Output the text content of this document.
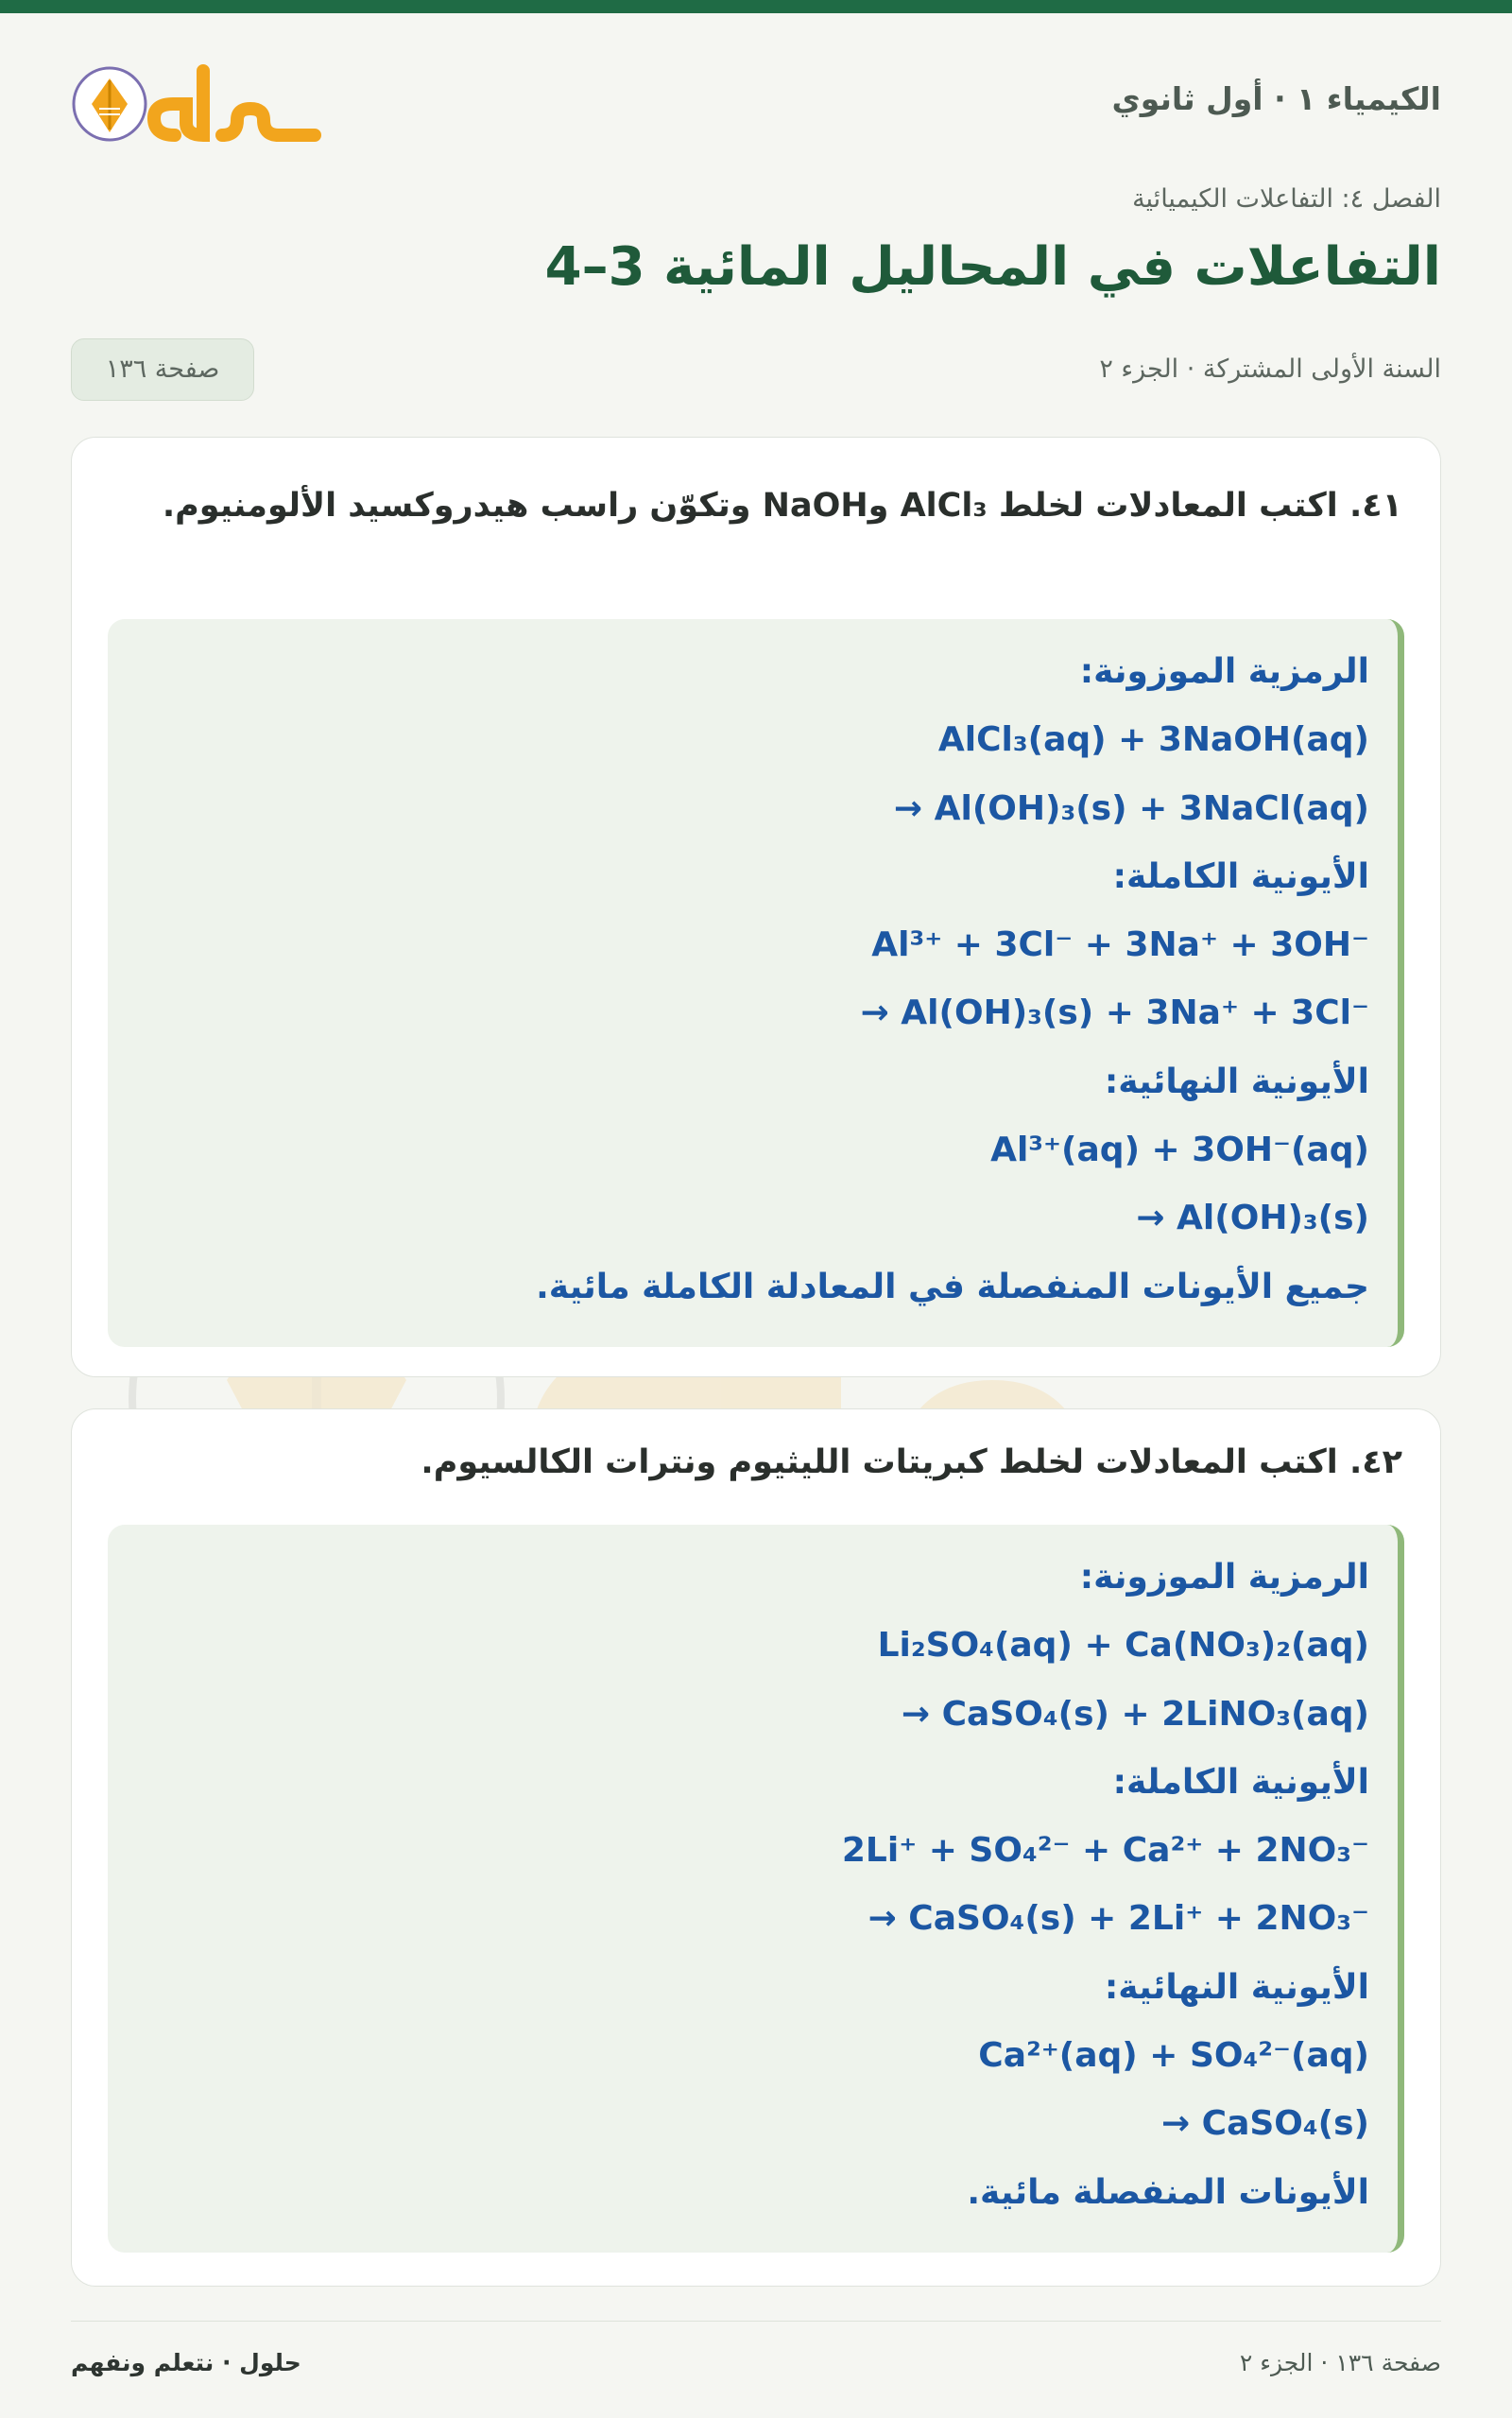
الكيمياء ١ · أول ثانوي
الفصل ٤: التفاعلات الكيميائية
التفاعلات في المحاليل المائية 3–4
السنة الأولى المشتركة · الجزء ٢
صفحة ١٣٦
٤١. اكتب المعادلات لخلط AlCl₃ وNaOH وتكوّن راسب هيدروكسيد الألومنيوم.
الرمزية الموزونة:
AlCl₃(aq) + 3NaOH(aq)
→ Al(OH)₃(s) + 3NaCl(aq)
الأيونية الكاملة:
Al³⁺ + 3Cl⁻ + 3Na⁺ + 3OH⁻
→ Al(OH)₃(s) + 3Na⁺ + 3Cl⁻
الأيونية النهائية:
Al³⁺(aq) + 3OH⁻(aq)
→ Al(OH)₃(s)
جميع الأيونات المنفصلة في المعادلة الكاملة مائية.
٤٢. اكتب المعادلات لخلط كبريتات الليثيوم ونترات الكالسيوم.
الرمزية الموزونة:
Li₂SO₄(aq) + Ca(NO₃)₂(aq)
→ CaSO₄(s) + 2LiNO₃(aq)
الأيونية الكاملة:
2Li⁺ + SO₄²⁻ + Ca²⁺ + 2NO₃⁻
→ CaSO₄(s) + 2Li⁺ + 2NO₃⁻
الأيونية النهائية:
Ca²⁺(aq) + SO₄²⁻(aq)
→ CaSO₄(s)
الأيونات المنفصلة مائية.
صفحة ١٣٦ · الجزء ٢
حلول · نتعلم ونفهم
